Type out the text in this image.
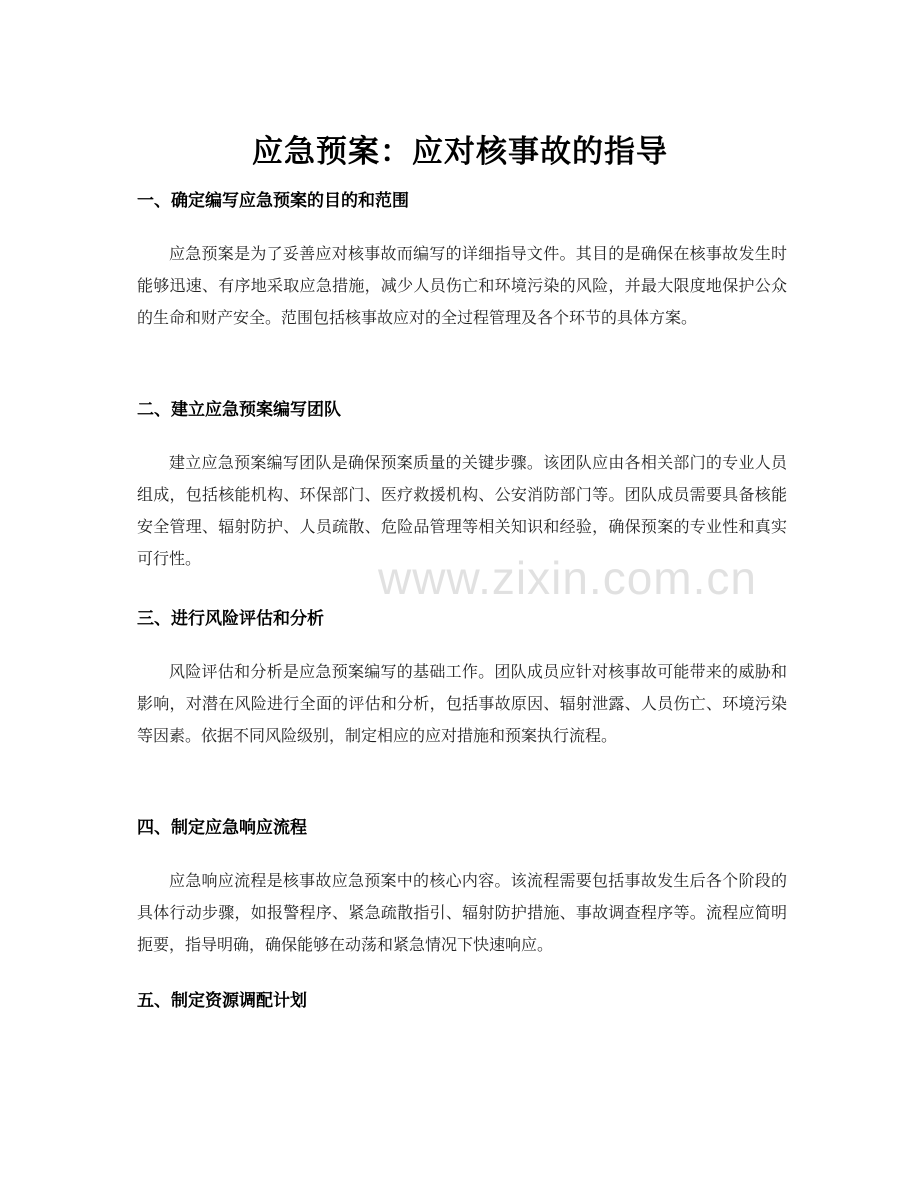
应急预案：应对核事故的指导
一、确定编写应急预案的目的和范围

应急预案是为了妥善应对核事故而编写的详细指导文件。其目的是确保在核事故发生时能够迅速、有序地采取应急措施，减少人员伤亡和环境污染的风险，并最大限度地保护公众的生命和财产安全。范围包括核事故应对的全过程管理及各个环节的具体方案。

二、建立应急预案编写团队

建立应急预案编写团队是确保预案质量的关键步骤。该团队应由各相关部门的专业人员组成，包括核能机构、环保部门、医疗救援机构、公安消防部门等。团队成员需要具备核能安全管理、辐射防护、人员疏散、危险品管理等相关知识和经验，确保预案的专业性和真实可行性。

三、进行风险评估和分析

风险评估和分析是应急预案编写的基础工作。团队成员应针对核事故可能带来的威胁和影响，对潜在风险进行全面的评估和分析，包括事故原因、辐射泄露、人员伤亡、环境污染等因素。依据不同风险级别，制定相应的应对措施和预案执行流程。

四、制定应急响应流程

应急响应流程是核事故应急预案中的核心内容。该流程需要包括事故发生后各个阶段的具体行动步骤，如报警程序、紧急疏散指引、辐射防护措施、事故调查程序等。流程应简明扼要，指导明确，确保能够在动荡和紧急情况下快速响应。

五、制定资源调配计划
www.zixin.com.cn
